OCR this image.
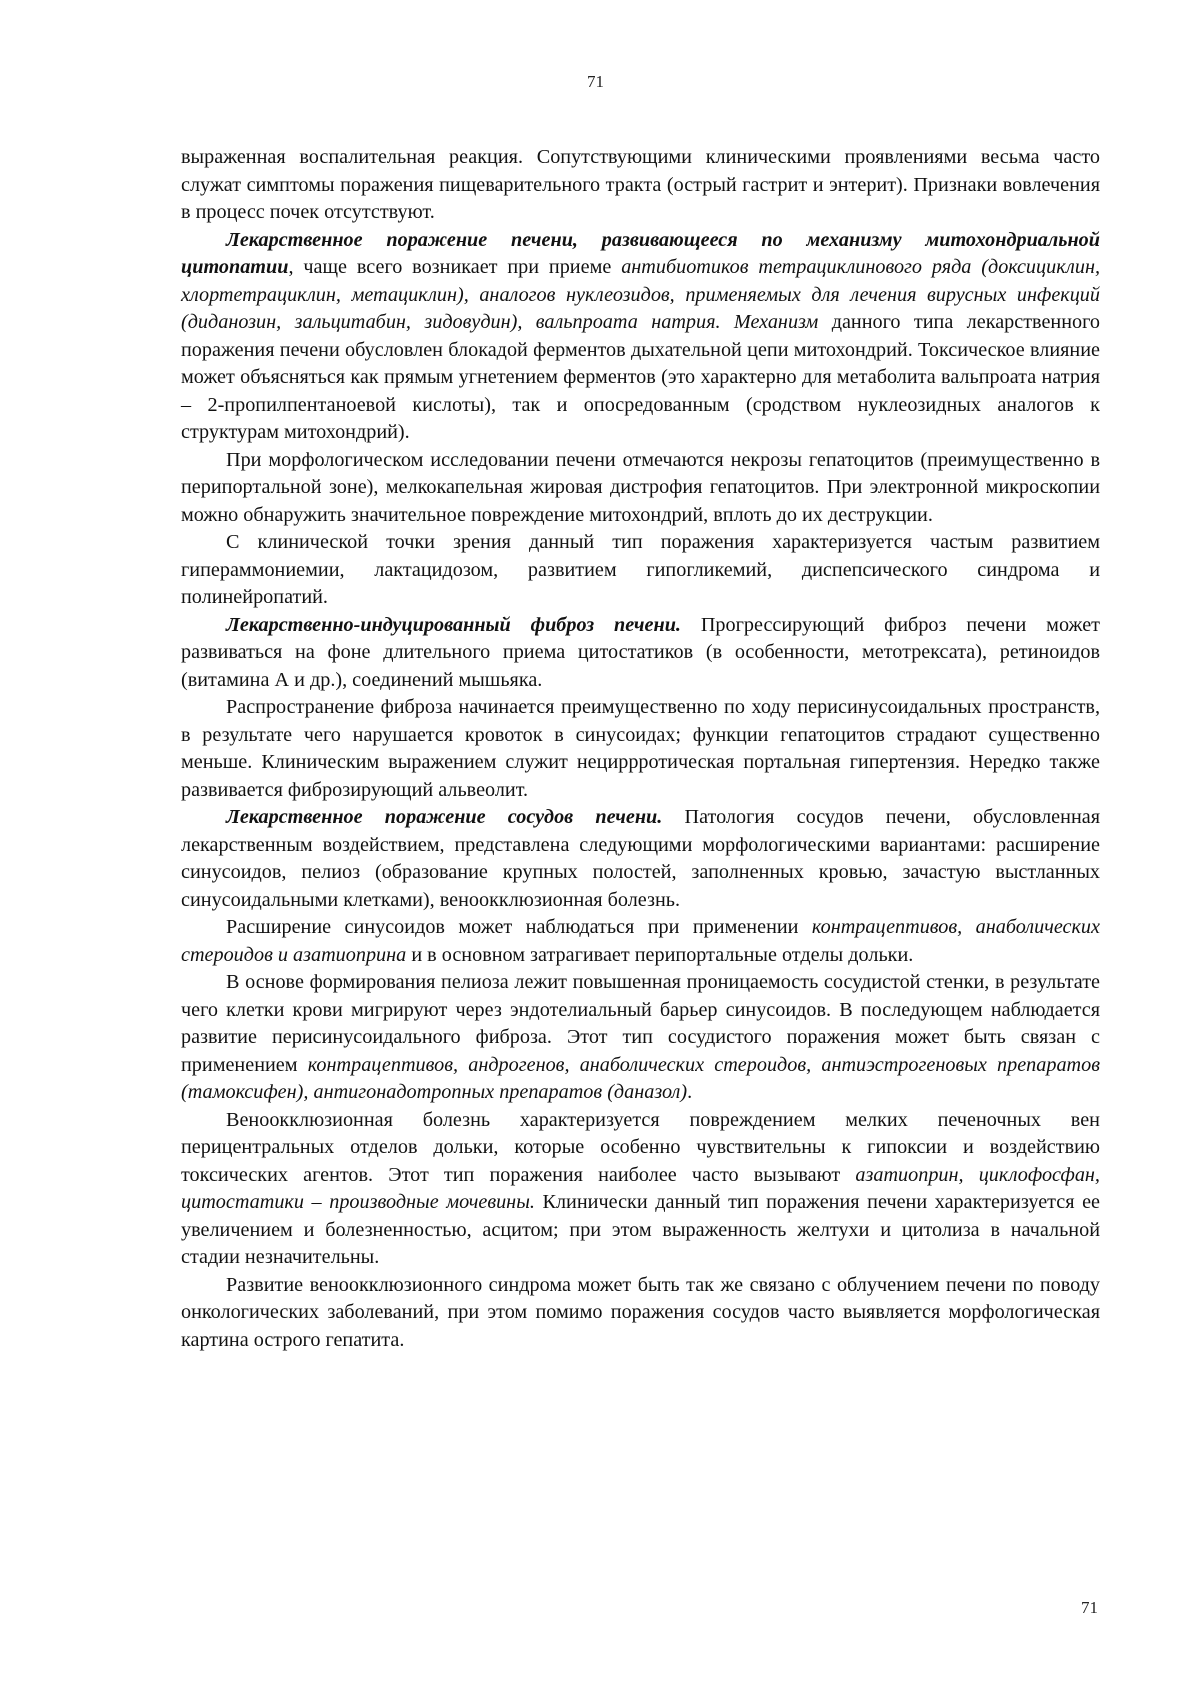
71

выраженная воспалительная реакция. Сопутствующими клиническими проявлениями весьма часто служат симптомы поражения пищеварительного тракта (острый гастрит и энтерит). Признаки вовлечения в процесс почек отсутствуют.

Лекарственное поражение печени, развивающееся по механизму митохондриальной цитопатии, чаще всего возникает при приеме антибиотиков тетрациклинового ряда (доксициклин, хлортетрациклин, метациклин), аналогов нуклеозидов, применяемых для лечения вирусных инфекций (диданозин, зальцитабин, зидовудин), вальпроата натрия. Механизм данного типа лекарственного поражения печени обусловлен блокадой ферментов дыхательной цепи митохондрий. Токсическое влияние может объясняться как прямым угнетением ферментов (это характерно для метаболита вальпроата натрия – 2-пропилпентаноевой кислоты), так и опосредованным (сродством нуклеозидных аналогов к структурам митохондрий).

При морфологическом исследовании печени отмечаются некрозы гепатоцитов (преимущественно в перипортальной зоне), мелкокапельная жировая дистрофия гепатоцитов. При электронной микроскопии можно обнаружить значительное повреждение митохондрий, вплоть до их деструкции.

С клинической точки зрения данный тип поражения характеризуется частым развитием гипераммониемии, лактацидозом, развитием гипогликемий, диспепсического синдрома и полинейропатий.

Лекарственно-индуцированный фиброз печени. Прогрессирующий фиброз печени может развиваться на фоне длительного приема цитостатиков (в особенности, метотрексата), ретиноидов (витамина А и др.), соединений мышьяка.

Распространение фиброза начинается преимущественно по ходу перисинусоидальных пространств, в результате чего нарушается кровоток в синусоидах; функции гепатоцитов страдают существенно меньше. Клиническим выражением служит нециррротическая портальная гипертензия. Нередко также развивается фиброзирующий альвеолит.

Лекарственное поражение сосудов печени. Патология сосудов печени, обусловленная лекарственным воздействием, представлена следующими морфологическими вариантами: расширение синусоидов, пелиоз (образование крупных полостей, заполненных кровью, зачастую выстланных синусоидальными клетками), веноокклюзионная болезнь.

Расширение синусоидов может наблюдаться при применении контрацептивов, анаболических стероидов и азатиоприна и в основном затрагивает перипортальные отделы дольки.

В основе формирования пелиоза лежит повышенная проницаемость сосудистой стенки, в результате чего клетки крови мигрируют через эндотелиальный барьер синусоидов. В последующем наблюдается развитие перисинусоидального фиброза. Этот тип сосудистого поражения может быть связан с применением контрацептивов, андрогенов, анаболических стероидов, антиэстрогеновых препаратов (тамоксифен), антигонадотропных препаратов (даназол).

Веноокклюзионная болезнь характеризуется повреждением мелких печеночных вен перицентральных отделов дольки, которые особенно чувствительны к гипоксии и воздействию токсических агентов. Этот тип поражения наиболее часто вызывают азатиоприн, циклофосфан, цитостатики – производные мочевины. Клинически данный тип поражения печени характеризуется ее увеличением и болезненностью, асцитом; при этом выраженность желтухи и цитолиза в начальной стадии незначительны.

Развитие веноокклюзионного синдрома может быть так же связано с облучением печени по поводу онкологических заболеваний, при этом помимо поражения сосудов часто выявляется морфологическая картина острого гепатита.

71
